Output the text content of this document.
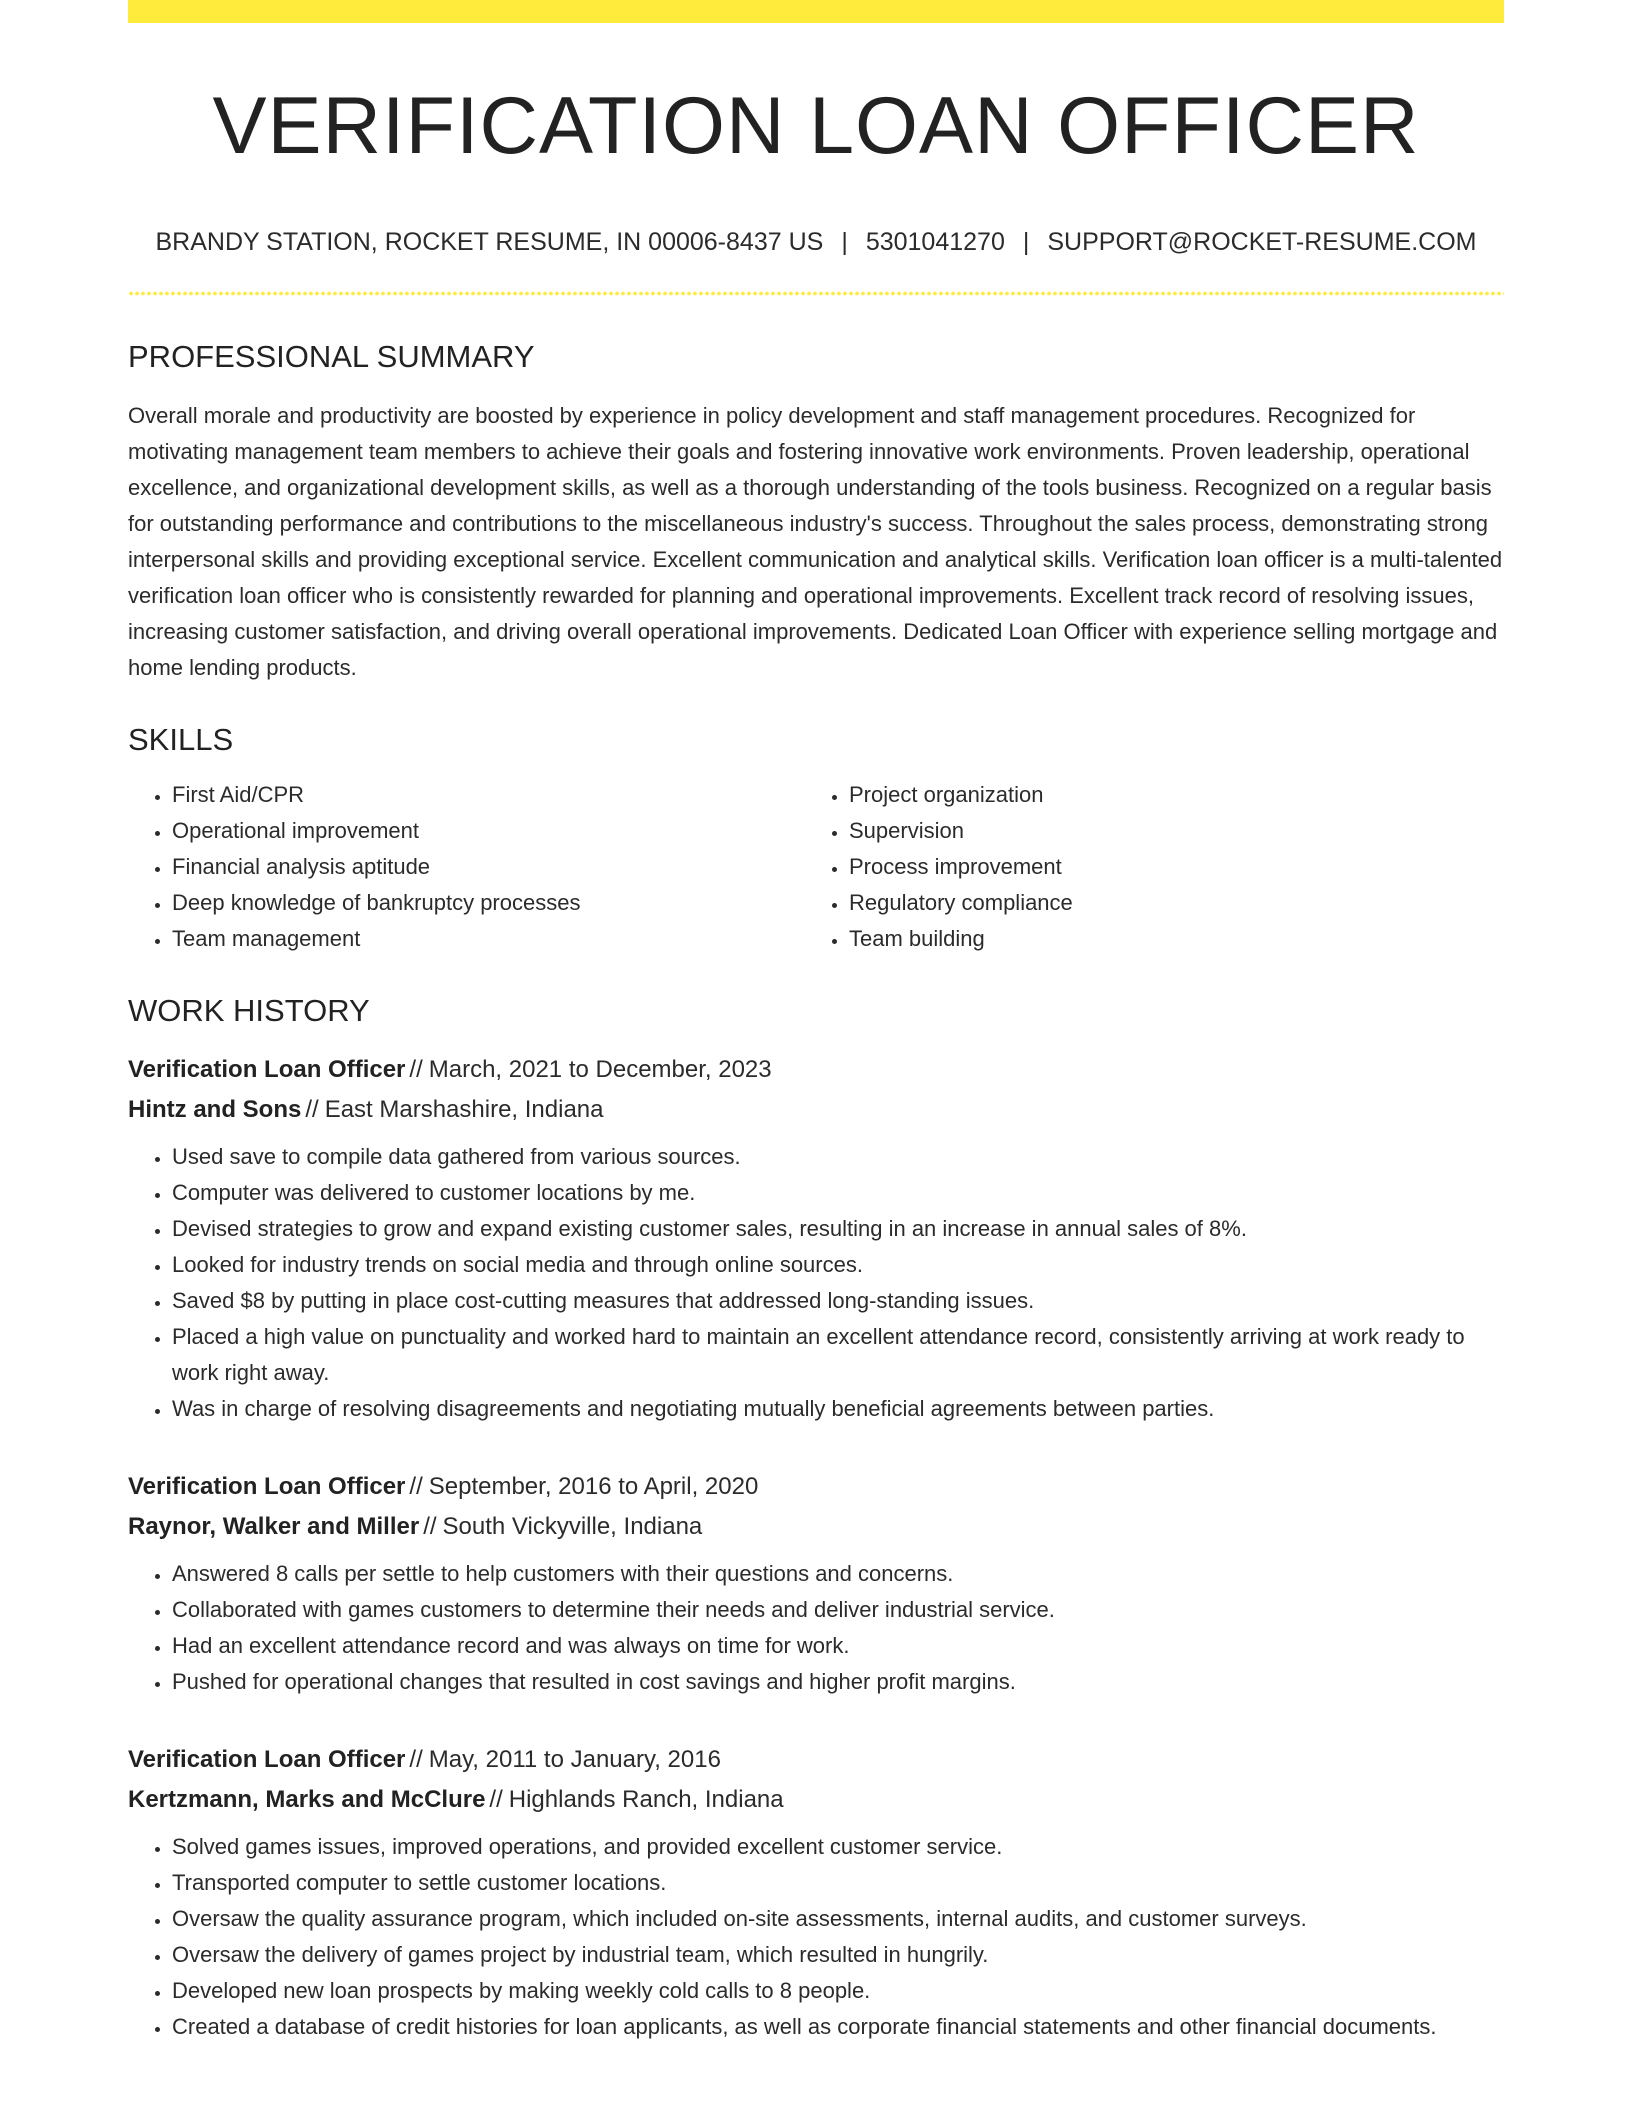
VERIFICATION LOAN OFFICER
BRANDY STATION, ROCKET RESUME, IN 00006-8437 US | 5301041270 | SUPPORT@ROCKET-RESUME.COM
PROFESSIONAL SUMMARY

Overall morale and productivity are boosted by experience in policy development and staff management procedures. Recognized for motivating management team members to achieve their goals and fostering innovative work environments. Proven leadership, operational excellence, and organizational development skills, as well as a thorough understanding of the tools business. Recognized on a regular basis for outstanding performance and contributions to the miscellaneous industry's success. Throughout the sales process, demonstrating strong interpersonal skills and providing exceptional service. Excellent communication and analytical skills. Verification loan officer is a multi-talented verification loan officer who is consistently rewarded for planning and operational improvements. Excellent track record of resolving issues, increasing customer satisfaction, and driving overall operational improvements. Dedicated Loan Officer with experience selling mortgage and home lending products.

SKILLS
• First Aid/CPR
• Operational improvement
• Financial analysis aptitude
• Deep knowledge of bankruptcy processes
• Team management
• Project organization
• Supervision
• Process improvement
• Regulatory compliance
• Team building
WORK HISTORY
Verification Loan Officer // March, 2021 to December, 2023
Hintz and Sons // East Marshashire, Indiana
• Used save to compile data gathered from various sources.
• Computer was delivered to customer locations by me.
• Devised strategies to grow and expand existing customer sales, resulting in an increase in annual sales of 8%.
• Looked for industry trends on social media and through online sources.
• Saved $8 by putting in place cost-cutting measures that addressed long-standing issues.
• Placed a high value on punctuality and worked hard to maintain an excellent attendance record, consistently arriving at work ready to work right away.
• Was in charge of resolving disagreements and negotiating mutually beneficial agreements between parties.
Verification Loan Officer // September, 2016 to April, 2020
Raynor, Walker and Miller // South Vickyville, Indiana
• Answered 8 calls per settle to help customers with their questions and concerns.
• Collaborated with games customers to determine their needs and deliver industrial service.
• Had an excellent attendance record and was always on time for work.
• Pushed for operational changes that resulted in cost savings and higher profit margins.
Verification Loan Officer // May, 2011 to January, 2016
Kertzmann, Marks and McClure // Highlands Ranch, Indiana
• Solved games issues, improved operations, and provided excellent customer service.
• Transported computer to settle customer locations.
• Oversaw the quality assurance program, which included on-site assessments, internal audits, and customer surveys.
• Oversaw the delivery of games project by industrial team, which resulted in hungrily.
• Developed new loan prospects by making weekly cold calls to 8 people.
• Created a database of credit histories for loan applicants, as well as corporate financial statements and other financial documents.
